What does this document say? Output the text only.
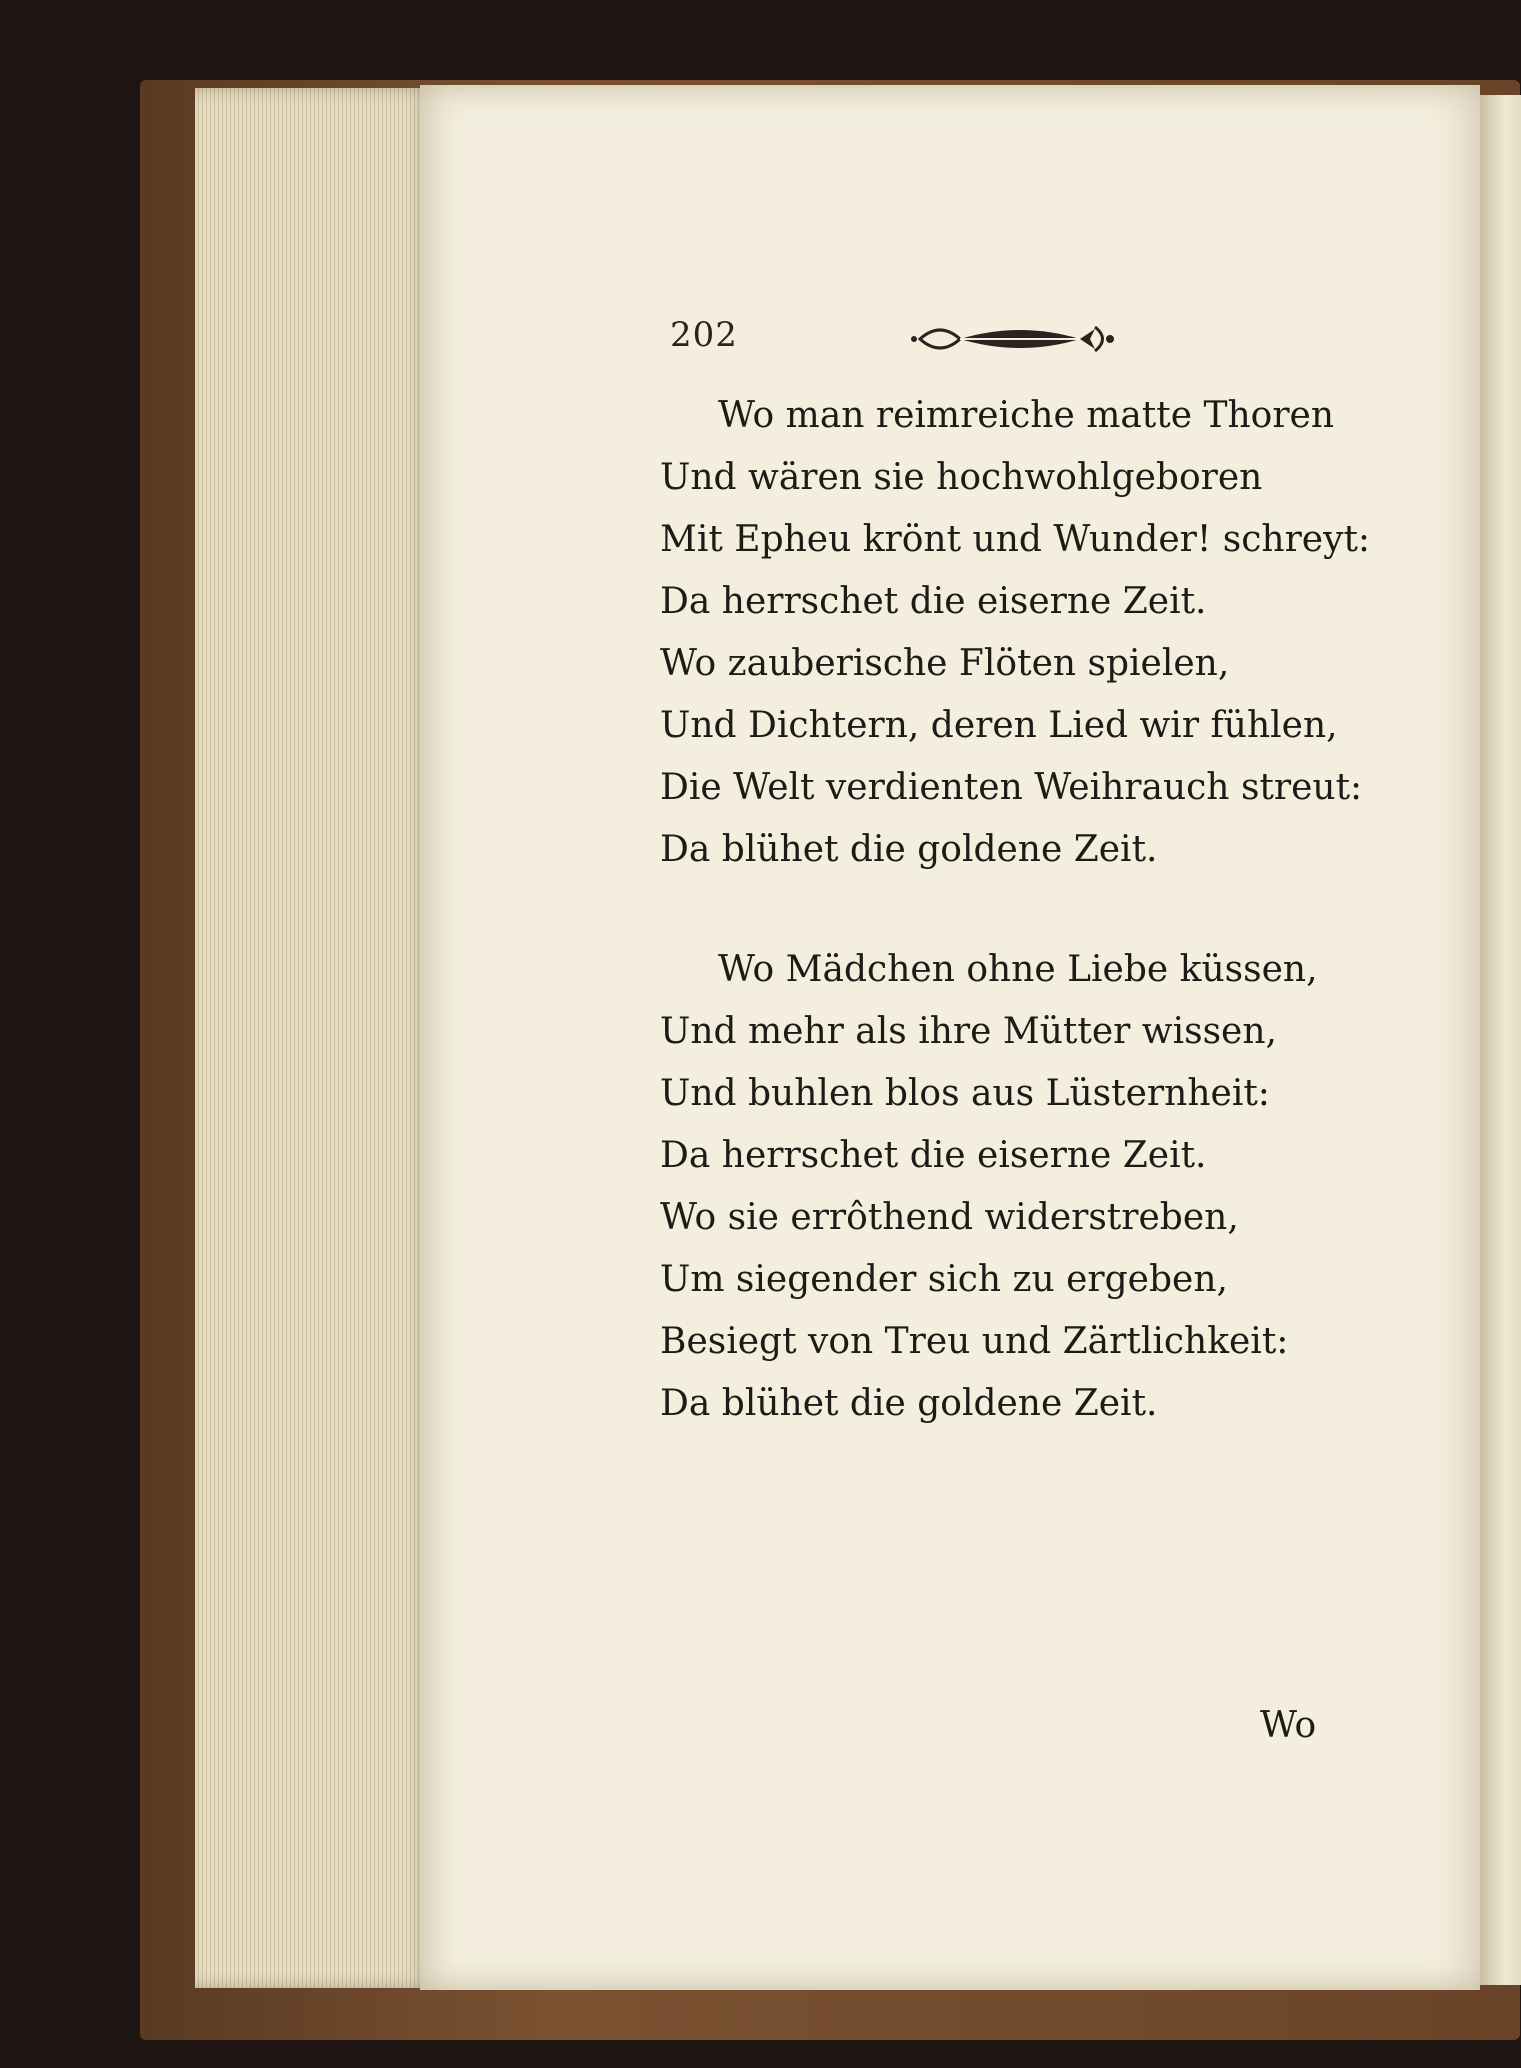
202
Wo man reimreiche matte Thoren
Und wären sie hochwohlgeboren
Mit Epheu krönt und Wunder! schreyt:
Da herrschet die eiserne Zeit.
Wo zauberische Flöten spielen,
Und Dichtern, deren Lied wir fühlen,
Die Welt verdienten Weihrauch streut:
Da blühet die goldene Zeit.
Wo Mädchen ohne Liebe küssen,
Und mehr als ihre Mütter wissen,
Und buhlen blos aus Lüsternheit:
Da herrschet die eiserne Zeit.
Wo sie errôthend widerstreben,
Um siegender sich zu ergeben,
Besiegt von Treu und Zärtlichkeit:
Da blühet die goldene Zeit.
Wo
